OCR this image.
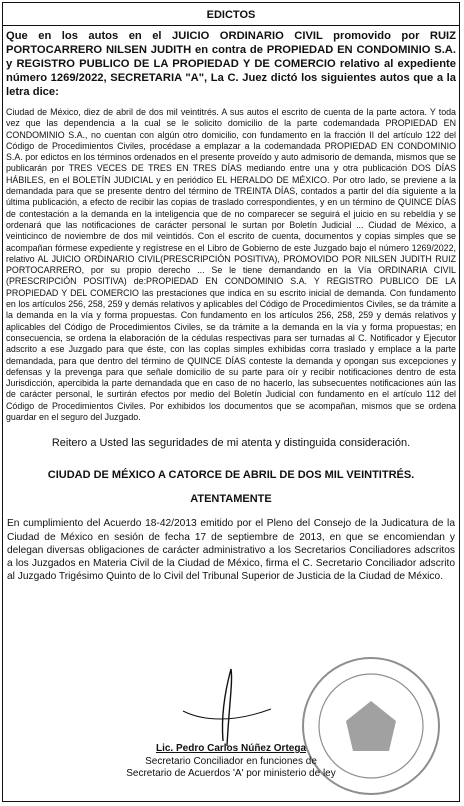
EDICTOS

Que en los autos en el JUICIO ORDINARIO CIVIL promovido por RUIZ PORTOCARRERO NILSEN JUDITH en contra de PROPIEDAD EN CONDOMINIO S.A. y REGISTRO PUBLICO DE LA PROPIEDAD Y DE COMERCIO relativo al expediente número 1269/2022, SECRETARIA "A", La C. Juez dictó los siguientes autos que a la letra dice:

Ciudad de México, diez de abril de dos mil veintitrés. A sus autos el escrito de cuenta de la parte actora. Y toda vez que las dependencia a la cual se le solicito domicilio de la parte codemandada PROPIEDAD EN CONDOMINIO S.A., no cuentan con algún otro domicilio, con fundamento en la fracción II del artículo 122 del Código de Procedimientos Civiles, procédase a emplazar a la codemandada PROPIEDAD EN CONDOMINIO S.A. por edictos en los términos ordenados en el presente proveído y auto admisorio de demanda, mismos que se publicarán por TRES VECES DE TRES EN TRES DÍAS mediando entre una y otra publicación DOS DÍAS HÁBILES, en el BOLETÍN JUDICIAL y en periódico EL HERALDO DE MÉXICO. Por otro lado, se previene a la demandada para que se presente dentro del término de TREINTA DÍAS, contados a partir del día siguiente a la última publicación, a efecto de recibir las copias de traslado correspondientes, y en un término de QUINCE DÍAS de contestación a la demanda en la inteligencia que de no comparecer se seguirá el juicio en su rebeldía y se ordenará que las notificaciones de carácter personal le surtan por Boletín Judicial ... Ciudad de México, a veinticinco de noviembre de dos mil veintidós. Con el escrito de cuenta, documentos y copias simples que se acompañan fórmese expediente y regístrese en el Libro de Gobierno de este Juzgado bajo el número 1269/2022, relativo AL JUICIO ORDINARIO CIVIL(PRESCRIPCIÓN POSITIVA), PROMOVIDO POR NILSEN JUDITH RUIZ PORTOCARRERO, por su propio derecho ... Se le tiene demandando en la Vía ORDINARIA CIVIL (PRESCRIPCIÓN POSITIVA) de:PROPIEDAD EN CONDOMINIO S.A. Y REGISTRO PUBLICO DE LA PROPIEDAD Y DEL COMERCIO las prestaciones que indica en su escrito inicial de demanda. Con fundamento en los artículos 256, 258, 259 y demás relativos y aplicables del Código de Procedimientos Civiles, se da trámite a la demanda en la vía y forma propuestas. Con fundamento en los artículos 256, 258, 259 y demás relativos y aplicables del Código de Procedimientos Civiles, se da trámite a la demanda en la vía y forma propuestas; en consecuencia, se ordena la elaboración de la cédulas respectivas para ser turnadas al C. Notificador y Ejecutor adscrito a ese Juzgado para que éste, con las coplas simples exhibidas corra traslado y emplace a la parte demandada, para que dentro del término de QUINCE DÍAS conteste la demanda y opongan sus excepciones y defensas y la prevenga para que señale domicilio de su parte para oír y recibir notificaciones dentro de esta Jurisdicción, apercibida la parte demandada que en caso de no hacerlo, las subsecuentes notificaciones aún las de carácter personal, le surtirán efectos por medio del Boletín Judicial con fundamento en el artículo 112 del Código de Procedimientos Civiles. Por exhibidos los documentos que se acompañan, mismos que se ordena guardar en el seguro del Juzgado.

Reitero a Usted las seguridades de mi atenta y distinguida consideración.

CIUDAD DE MÉXICO A CATORCE DE ABRIL DE DOS MIL VEINTITRÉS.

ATENTAMENTE

En cumplimiento del Acuerdo 18-42/2013 emitido por el Pleno del Consejo de la Judicatura de la Ciudad de México en sesión de fecha 17 de septiembre de 2013, en que se encomiendan y delegan diversas obligaciones de carácter administrativo a los Secretarios Conciliadores adscritos a los Juzgados en Materia Civil de la Ciudad de México, firma el C. Secretario Conciliador adscrito al Juzgado Trigésimo Quinto de lo Civil del Tribunal Superior de Justicia de la Ciudad de México.

Lic. Pedro Carlos Núñez Ortega
Secretario Conciliador en funciones de
Secretario de Acuerdos 'A' por ministerio de ley
